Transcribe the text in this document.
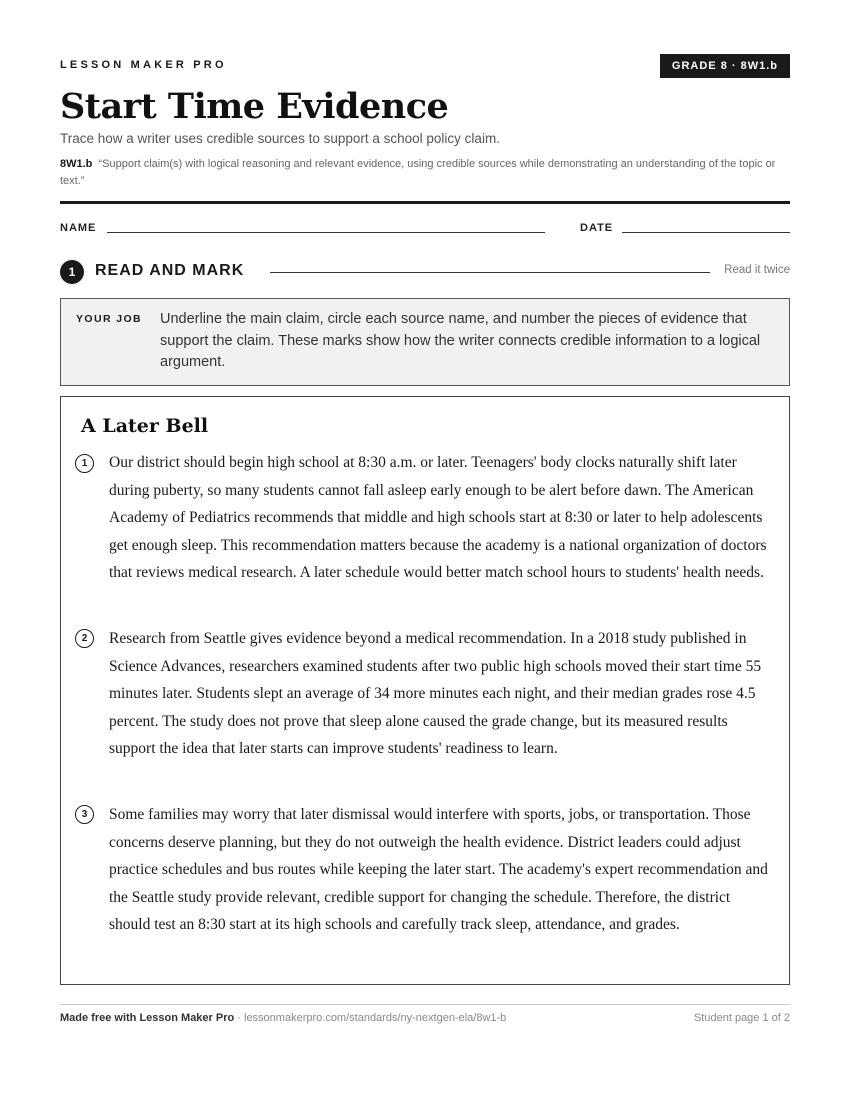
LESSON MAKER PRO	GRADE 8 · 8W1.b
Start Time Evidence
Trace how a writer uses credible sources to support a school policy claim.
8W1.b “Support claim(s) with logical reasoning and relevant evidence, using credible sources while demonstrating an understanding of the topic or text.”
NAME	DATE
1	READ AND MARK	Read it twice
YOUR JOB Underline the main claim, circle each source name, and number the pieces of evidence that support the claim. These marks show how the writer connects credible information to a logical argument.
A Later Bell
1	Our district should begin high school at 8:30 a.m. or later. Teenagers' body clocks naturally shift later during puberty, so many students cannot fall asleep early enough to be alert before dawn. The American Academy of Pediatrics recommends that middle and high schools start at 8:30 or later to help adolescents get enough sleep. This recommendation matters because the academy is a national organization of doctors that reviews medical research. A later schedule would better match school hours to students' health needs.
2	Research from Seattle gives evidence beyond a medical recommendation. In a 2018 study published in Science Advances, researchers examined students after two public high schools moved their start time 55 minutes later. Students slept an average of 34 more minutes each night, and their median grades rose 4.5 percent. The study does not prove that sleep alone caused the grade change, but its measured results support the idea that later starts can improve students' readiness to learn.
3	Some families may worry that later dismissal would interfere with sports, jobs, or transportation. Those concerns deserve planning, but they do not outweigh the health evidence. District leaders could adjust practice schedules and bus routes while keeping the later start. The academy's expert recommendation and the Seattle study provide relevant, credible support for changing the schedule. Therefore, the district should test an 8:30 start at its high schools and carefully track sleep, attendance, and grades.
Made free with Lesson Maker Pro · lessonmakerpro.com/standards/ny-nextgen-ela/8w1-b	Student page 1 of 2
